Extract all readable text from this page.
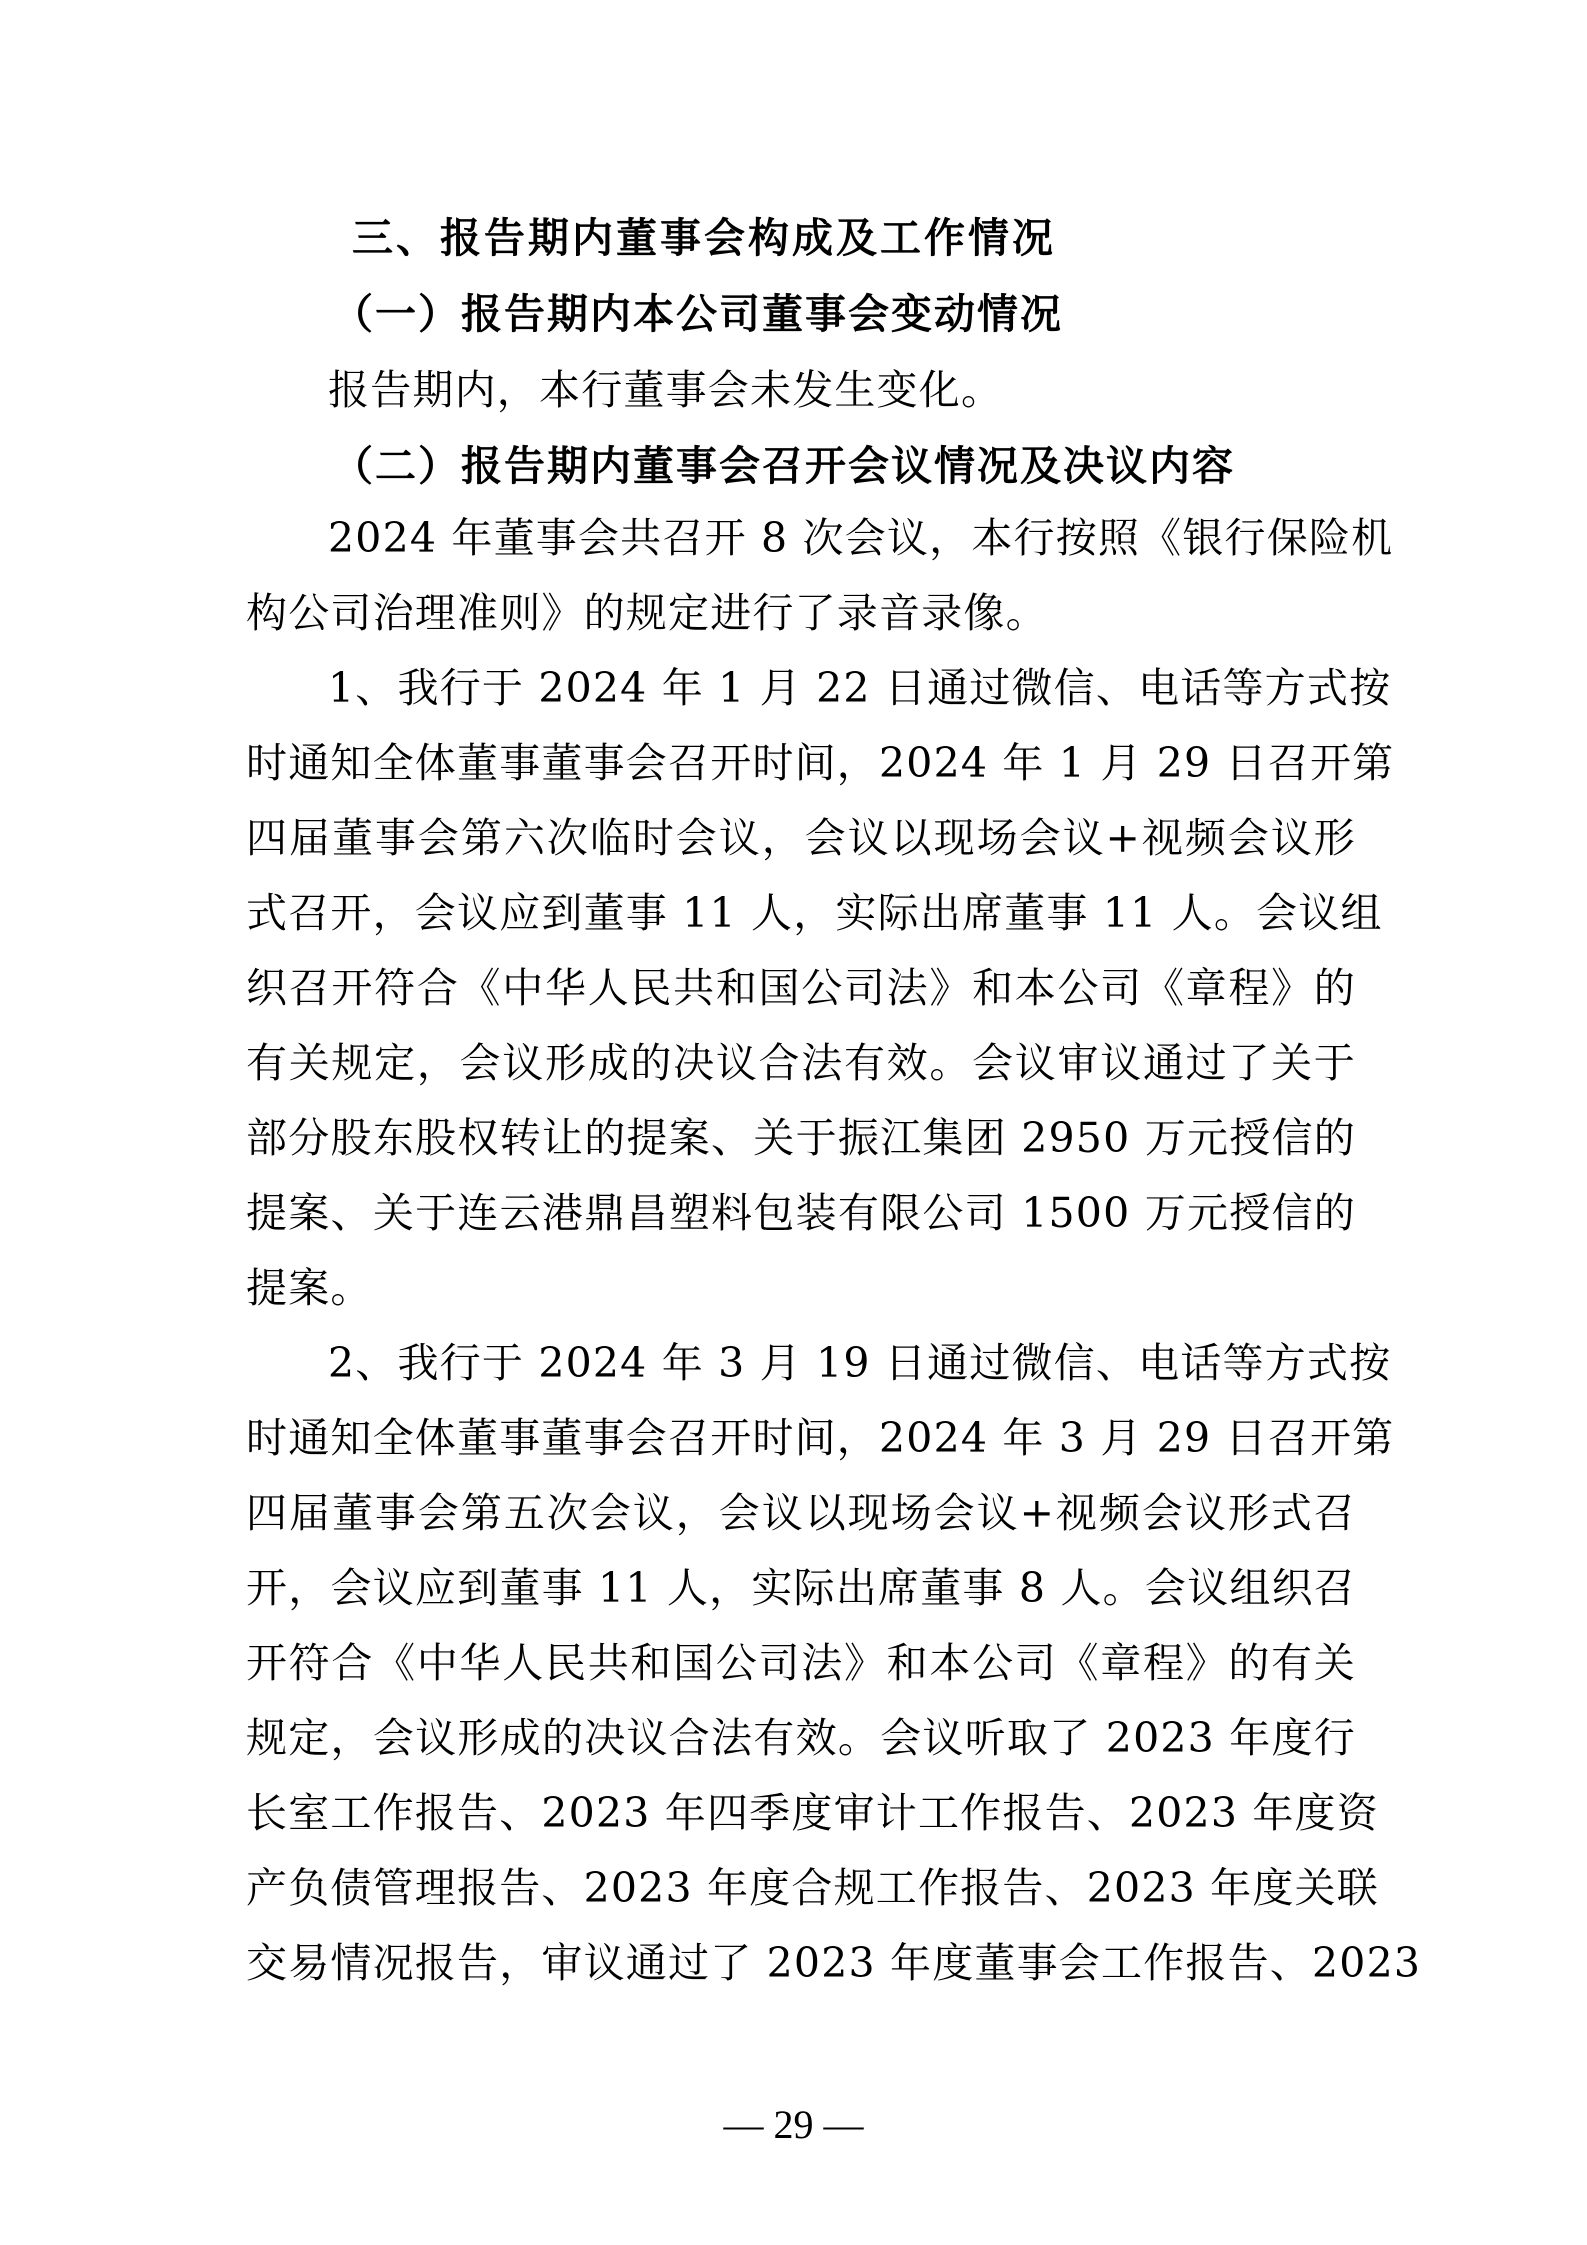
三、报告期内董事会构成及工作情况
（一）报告期内本公司董事会变动情况
报告期内，本行董事会未发生变化。
（二）报告期内董事会召开会议情况及决议内容
2024 年董事会共召开 8 次会议，本行按照《银行保险机
构公司治理准则》的规定进行了录音录像。
1、我行于 2024 年 1 月 22 日通过微信、电话等方式按
时通知全体董事董事会召开时间，2024 年 1 月 29 日召开第
四届董事会第六次临时会议，会议以现场会议+视频会议形
式召开，会议应到董事 11 人，实际出席董事 11 人。会议组
织召开符合《中华人民共和国公司法》和本公司《章程》的
有关规定，会议形成的决议合法有效。会议审议通过了关于
部分股东股权转让的提案、关于振江集团 2950 万元授信的
提案、关于连云港鼎昌塑料包装有限公司 1500 万元授信的
提案。
2、我行于 2024 年 3 月 19 日通过微信、电话等方式按
时通知全体董事董事会召开时间，2024 年 3 月 29 日召开第
四届董事会第五次会议，会议以现场会议+视频会议形式召
开，会议应到董事 11 人，实际出席董事 8 人。会议组织召
开符合《中华人民共和国公司法》和本公司《章程》的有关
规定，会议形成的决议合法有效。会议听取了 2023 年度行
长室工作报告、2023 年四季度审计工作报告、2023 年度资
产负债管理报告、2023 年度合规工作报告、2023 年度关联
交易情况报告，审议通过了 2023 年度董事会工作报告、2023
— 29 —
